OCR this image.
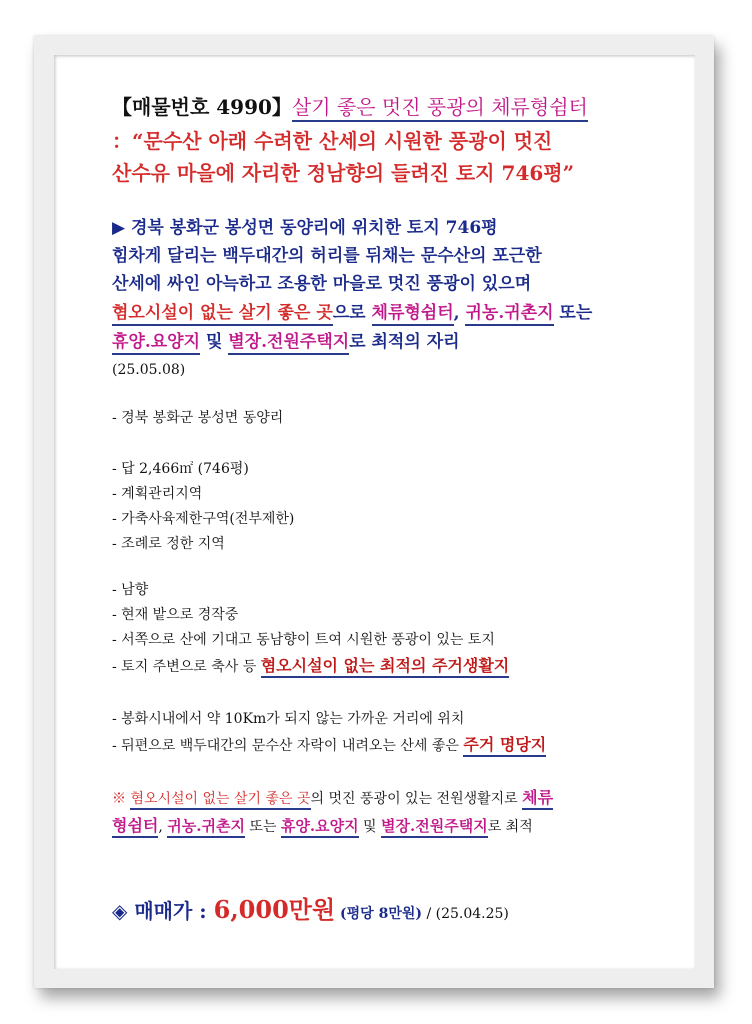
【매물번호 4990】살기 좋은 멋진 풍광의 체류형쉼터
：“문수산 아래 수려한 산세의 시원한 풍광이 멋진
산수유 마을에 자리한 정남향의 들려진 토지 746평”
▶ 경북 봉화군 봉성면 동양리에 위치한 토지 746평
힘차게 달리는 백두대간의 허리를 뒤채는 문수산의 포근한
산세에 싸인 아늑하고 조용한 마을로 멋진 풍광이 있으며
혐오시설이 없는 살기 좋은 곳으로 체류형쉼터, 귀농.귀촌지 또는
휴양.요양지 및 별장.전원주택지로 최적의 자리
(25.05.08)
- 경북 봉화군 봉성면 동양리
- 답 2,466㎡ (746평)
- 계획관리지역
- 가축사육제한구역(전부제한)
- 조례로 정한 지역
- 남향
- 현재 밭으로 경작중
- 서쪽으로 산에 기대고 동남향이 트여 시원한 풍광이 있는 토지
- 토지 주변으로 축사 등 혐오시설이 없는 최적의 주거생활지
- 봉화시내에서 약 10Km가 되지 않는 가까운 거리에 위치
- 뒤편으로 백두대간의 문수산 자락이 내려오는 산세 좋은 주거 명당지
※ 혐오시설이 없는 살기 좋은 곳의 멋진 풍광이 있는 전원생활지로 체류
형쉼터, 귀농.귀촌지 또는 휴양.요양지 및 별장.전원주택지로 최적
◈ 매매가 : 6,000만원 (평당 8만원) / (25.04.25)
